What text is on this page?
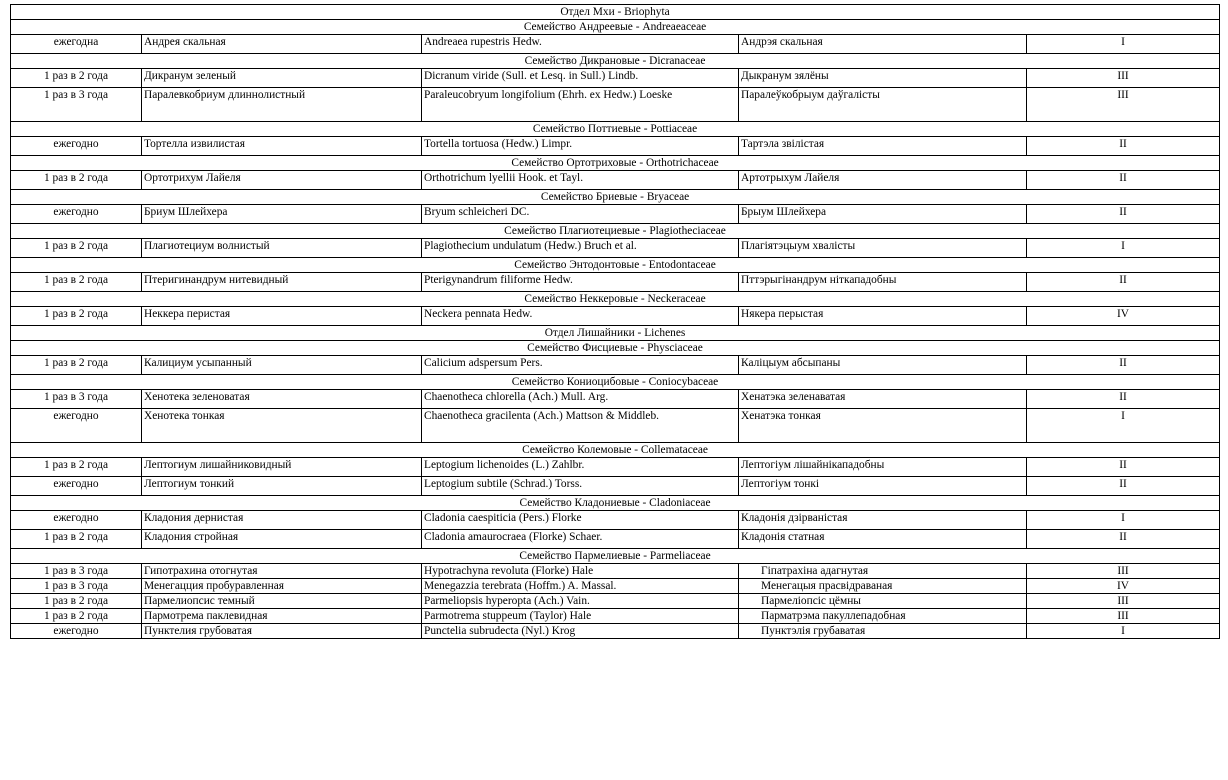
Отдел Мхи - Briophyta				
Семейство Андреевые - Andreaeaceae				
ежегодна	Андрея скальная	Andreaea rupestris Hedw.	Андрэя скальная	I
Семейство Дикрановые - Dicranaceae				
1 раз в 2 года	Дикранум зеленый	Dicranum viride (Sull. et Lesq. in Sull.) Lindb.	Дыкранум зялёны	III
1 раз в 3 года	Паралевкобриум длиннолистный	Paraleucobryum longifolium (Ehrh. ex Hedw.) Loeske	Паралеўкобрыум даўгалісты	III
Семейство Поттиевые - Pottiaceae				
ежегодно	Тортелла извилистая	Tortella tortuosa (Hedw.) Limpr.	Тартэла звілістая	II
Семейство Ортотриховые - Orthotrichaceae				
1 раз в 2 года	Ортотрихум Лайеля	Orthotrichum lyellii Hook. et Tayl.	Артотрыхум Лайеля	II
Семейство Бриевые - Bryaceae				
ежегодно	Бриум Шлейхера	Bryum schleicheri DC.	Брыум Шлейхера	II
Семейство Плагиотециевые - Plagiotheciaceae				
1 раз в 2 года	Плагиотециум волнистый	Plagiothecium undulatum (Hedw.) Bruch et al.	Плагіятэцыум хвалісты	I
Семейство Энтодонтовые - Entodontaceae				
1 раз в 2 года	Птеригинандрум нитевидный	Pterigynandrum filiforme Hedw.	Пттэрыгінандрум ніткападобны	II
Семейство Неккеровые - Neckeraceae				
1 раз в 2 года	Неккера перистая	Neckera pennata Hedw.	Някера перыстая	IV
Отдел Лишайники - Lichenes				
Семейство Фисциевые - Physciaceae				
1 раз в 2 года	Калициум усыпанный	Calicium adspersum Pers.	Каліцыум абсыпаны	II
Семейство Кониоцибовые - Coniocybaceae				
1 раз в 3 года	Хенотека зеленоватая	Chaenotheca chlorella (Ach.) Mull. Arg.	Хенатэка зеленаватая	II
ежегодно	Хенотека тонкая	Chaenotheca gracilenta (Ach.) Mattson & Middleb.	Хенатэка тонкая	I
Семейство Колемовые - Collemataceae				
1 раз в 2 года	Лептогиум лишайниковидный	Leptogium lichenoides (L.) Zahlbr.	Лептогіум лішайнікападобны	II
ежегодно	Лептогиум тонкий	Leptogium subtile (Schrad.) Torss.	Лептогіум тонкі	II
Семейство Кладониевые - Cladoniaceae				
ежегодно	Кладония дернистая	Cladonia caespiticia (Pers.) Florke	Кладонія дзірваністая	I
1 раз в 2 года	Кладония стройная	Cladonia amaurocraea (Florke) Schaer.	Кладонія статная	II
Семейство Пармелиевые - Parmeliaceae				
1 раз в 3 года	Гипотрахина отогнутая	Hypotrachyna revoluta (Florke) Hale	Гіпатрахіна адагнутая	III
1 раз в 3 года	Менегацция пробуравленная	Menegazzia terebrata (Hoffm.) A. Massal.	Менегацыя прасвідраваная	IV
1 раз в 2 года	Пармелиопсис темный	Parmeliopsis hyperopta (Ach.) Vain.	Пармеліопсіс цёмны	III
1 раз в 2 года	Пармотрема паклевидная	Parmotrema stuppeum (Taylor) Hale	Парматрэма пакуллепадобная	III
ежегодно	Пунктелия грубоватая	Punctelia subrudecta (Nyl.) Krog	Пунктэлія грубаватая	I
